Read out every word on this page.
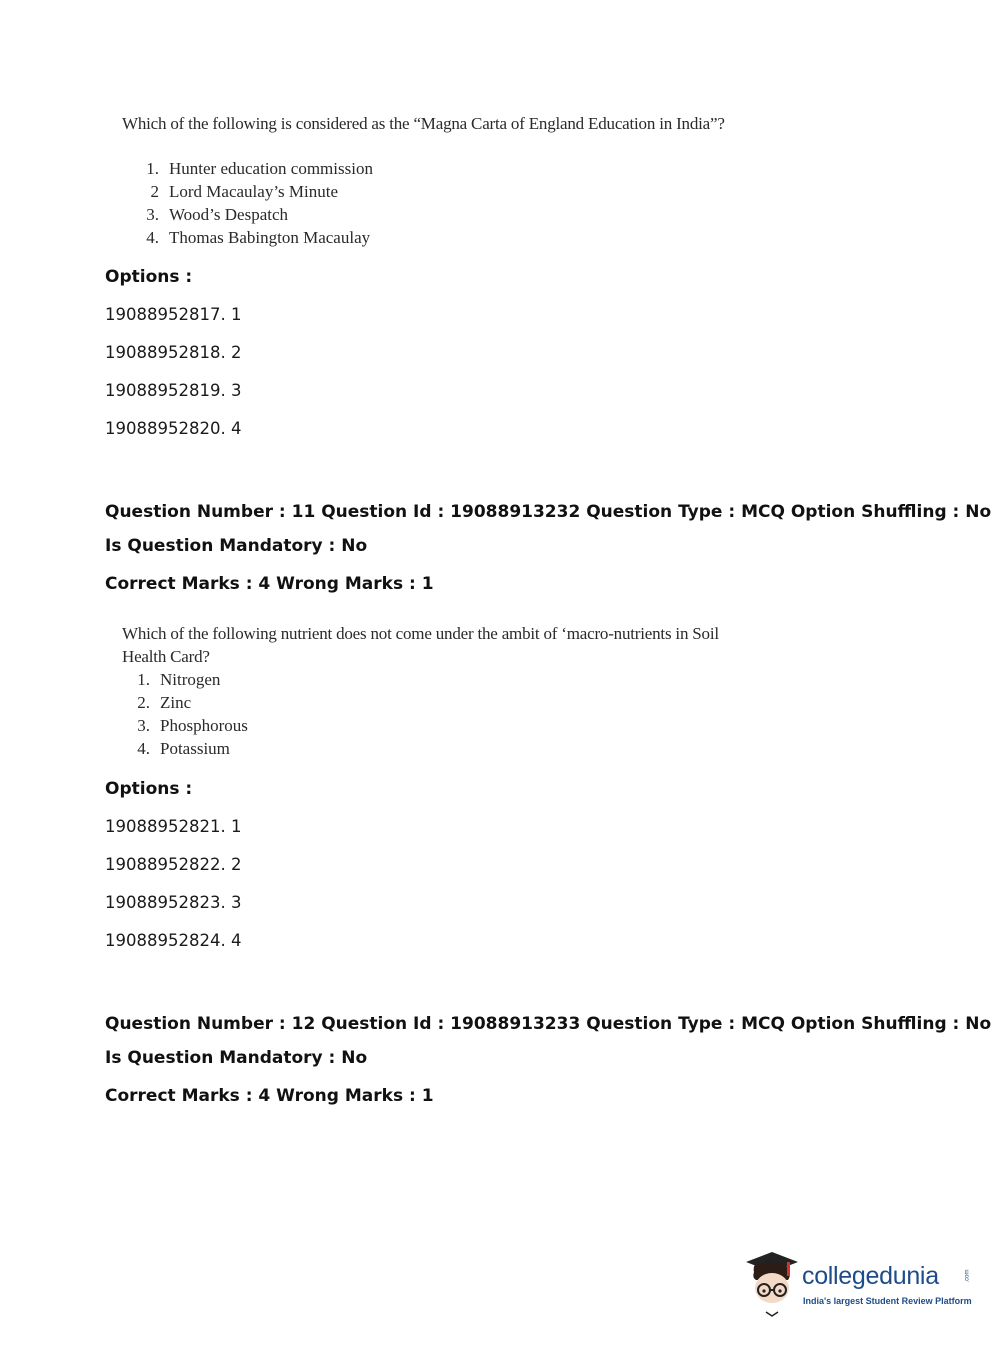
Which of the following is considered as the “Magna Carta of England Education in India”?
1. Hunter education commission
2 Lord Macaulay’s Minute
3. Wood’s Despatch
4. Thomas Babington Macaulay
Options :
19088952817. 1
19088952818. 2
19088952819. 3
19088952820. 4
Question Number : 11 Question Id : 19088913232 Question Type : MCQ Option Shuffling : No
Is Question Mandatory : No
Correct Marks : 4 Wrong Marks : 1
Which of the following nutrient does not come under the ambit of ‘macro-nutrients in Soil
Health Card?
1. Nitrogen
2. Zinc
3. Phosphorous
4. Potassium
Options :
19088952821. 1
19088952822. 2
19088952823. 3
19088952824. 4
Question Number : 12 Question Id : 19088913233 Question Type : MCQ Option Shuffling : No
Is Question Mandatory : No
Correct Marks : 4 Wrong Marks : 1
collegedunia	.com
India's largest Student Review Platform
